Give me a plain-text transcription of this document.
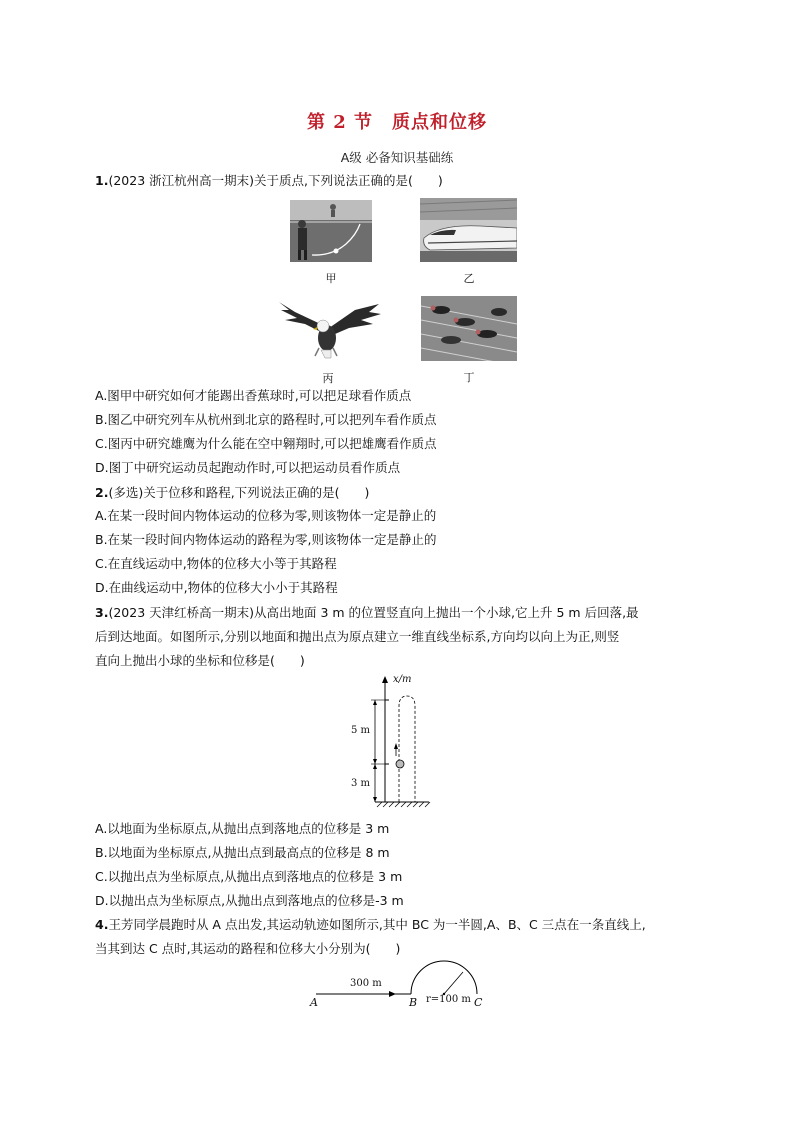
第 2 节　质点和位移
A级 必备知识基础练
1.(2023 浙江杭州高一期末)关于质点,下列说法正确的是(　　)
甲	乙
丙	丁
A.图甲中研究如何才能踢出香蕉球时,可以把足球看作质点
B.图乙中研究列车从杭州到北京的路程时,可以把列车看作质点
C.图丙中研究雄鹰为什么能在空中翱翔时,可以把雄鹰看作质点
D.图丁中研究运动员起跑动作时,可以把运动员看作质点
2.(多选)关于位移和路程,下列说法正确的是(　　)
A.在某一段时间内物体运动的位移为零,则该物体一定是静止的
B.在某一段时间内物体运动的路程为零,则该物体一定是静止的
C.在直线运动中,物体的位移大小等于其路程
D.在曲线运动中,物体的位移大小小于其路程
3.(2023 天津红桥高一期末)从高出地面 3 m 的位置竖直向上抛出一个小球,它上升 5 m 后回落,最
后到达地面。如图所示,分别以地面和抛出点为原点建立一维直线坐标系,方向均以向上为正,则竖
直向上抛出小球的坐标和位移是(　　)
x/m
5 m
3 m
A.以地面为坐标原点,从抛出点到落地点的位移是 3 m
B.以地面为坐标原点,从抛出点到最高点的位移是 8 m
C.以抛出点为坐标原点,从抛出点到落地点的位移是 3 m
D.以抛出点为坐标原点,从抛出点到落地点的位移是-3 m
4.王芳同学晨跑时从 A 点出发,其运动轨迹如图所示,其中 BC 为一半圆,A、B、C 三点在一条直线上,
当其到达 C 点时,其运动的路程和位移大小分别为(　　)
300 m
A	B r=100 m C
